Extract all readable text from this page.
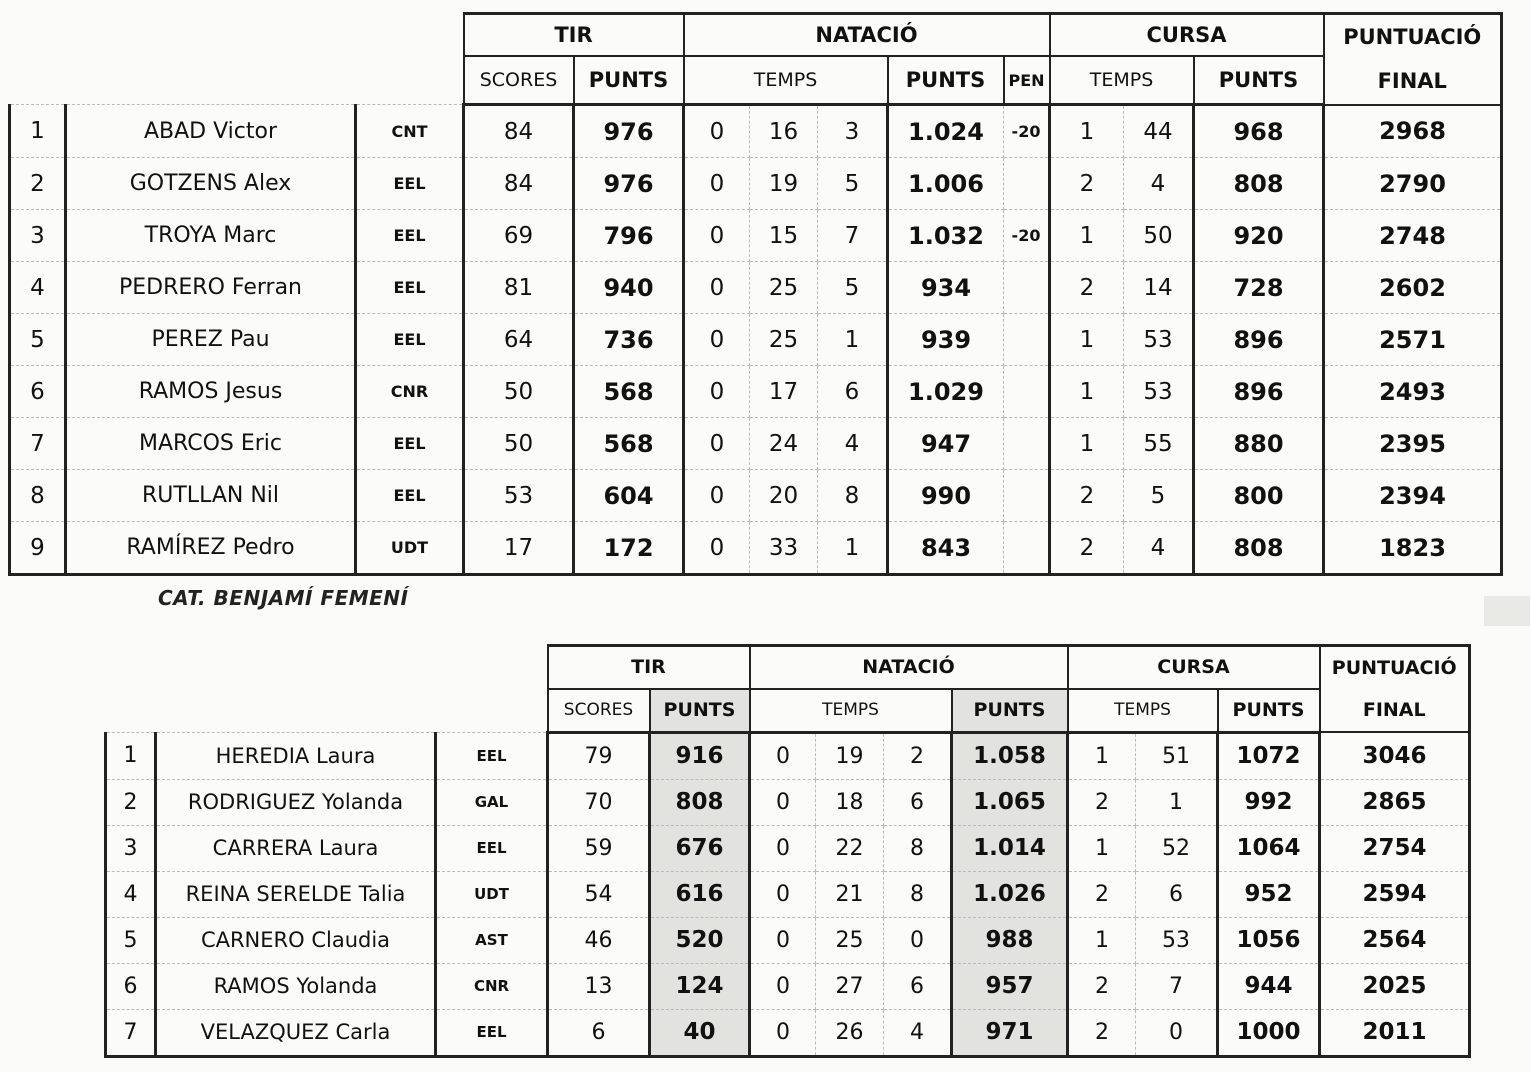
			TIR		NATACIÓ					CURSA			PUNTUACIÓ
FINAL

			SCORES	PUNTS	TEMPS			PUNTS	PEN	TEMPS		PUNTS	
1	ABAD Victor	CNT	84	976	0	16	3	1.024	-20	1	44	968	2968
2	GOTZENS Alex	EEL	84	976	0	19	5	1.006		2	4	808	2790
3	TROYA Marc	EEL	69	796	0	15	7	1.032	-20	1	50	920	2748
4	PEDRERO Ferran	EEL	81	940	0	25	5	934		2	14	728	2602
5	PEREZ Pau	EEL	64	736	0	25	1	939		1	53	896	2571
6	RAMOS Jesus	CNR	50	568	0	17	6	1.029		1	53	896	2493
7	MARCOS Eric	EEL	50	568	0	24	4	947		1	55	880	2395
8	RUTLLAN Nil	EEL	53	604	0	20	8	990		2	5	800	2394
9	RAMÍREZ Pedro	UDT	17	172	0	33	1	843		2	4	808	1823
CAT. BENJAMÍ FEMENÍ
			TIR		NATACIÓ				CURSA			PUNTUACIÓ
FINAL

			SCORES	PUNTS	TEMPS			PUNTS	TEMPS		PUNTS	
1	HEREDIA Laura	EEL	79	916	0	19	2	1.058	1	51	1072	3046
2	RODRIGUEZ Yolanda	GAL	70	808	0	18	6	1.065	2	1	992	2865
3	CARRERA Laura	EEL	59	676	0	22	8	1.014	1	52	1064	2754
4	REINA SERELDE Talia	UDT	54	616	0	21	8	1.026	2	6	952	2594
5	CARNERO Claudia	AST	46	520	0	25	0	988	1	53	1056	2564
6	RAMOS Yolanda	CNR	13	124	0	27	6	957	2	7	944	2025
7	VELAZQUEZ Carla	EEL	6	40	0	26	4	971	2	0	1000	2011
